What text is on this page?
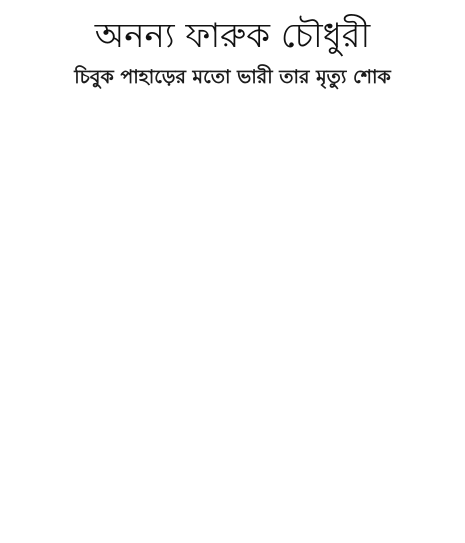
অনন্য ফারুক চৌধুরী
চিবুক পাহাড়ের মতো ভারী তার মৃত্যু শোক
